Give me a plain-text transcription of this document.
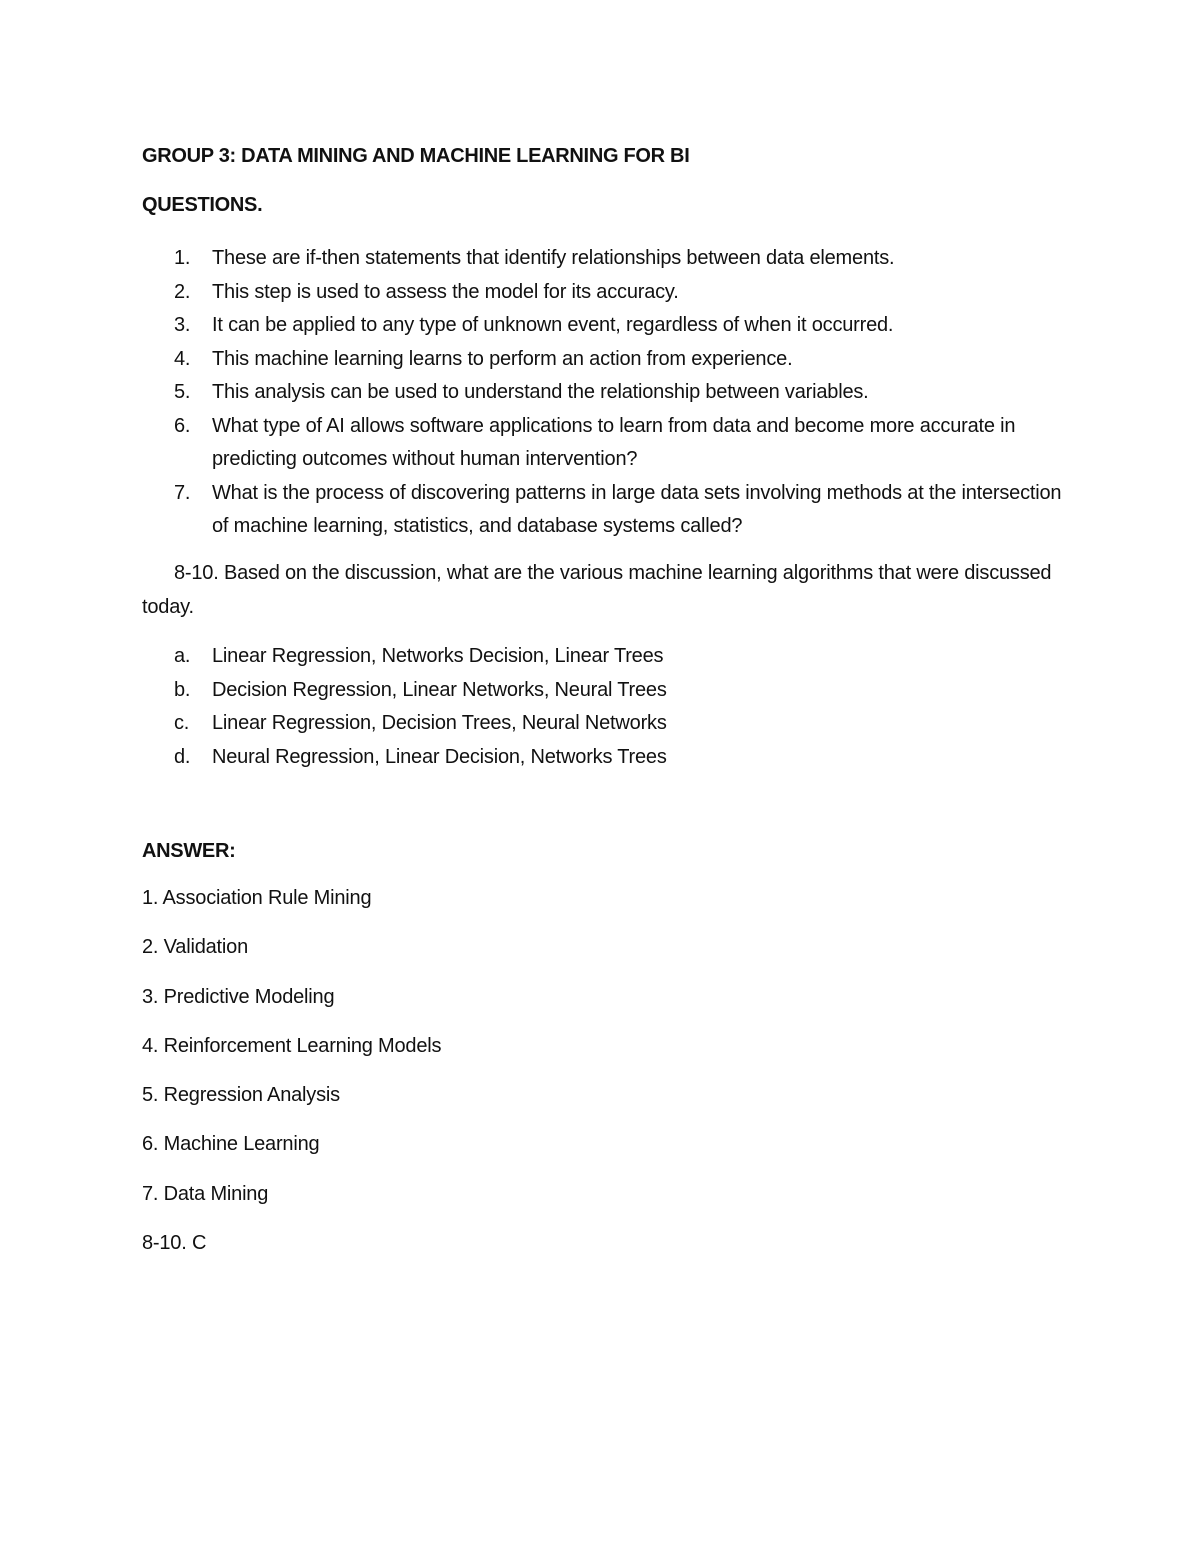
GROUP 3: DATA MINING AND MACHINE LEARNING FOR BI
QUESTIONS.
1. These are if-then statements that identify relationships between data elements.
2. This step is used to assess the model for its accuracy.
3. It can be applied to any type of unknown event, regardless of when it occurred.
4. This machine learning learns to perform an action from experience.
5. This analysis can be used to understand the relationship between variables.
6. What type of AI allows software applications to learn from data and become more accurate in predicting outcomes without human intervention?
7. What is the process of discovering patterns in large data sets involving methods at the intersection of machine learning, statistics, and database systems called?
8-10. Based on the discussion, what are the various machine learning algorithms that were discussed today.
a. Linear Regression, Networks Decision, Linear Trees
b. Decision Regression, Linear Networks, Neural Trees
c. Linear Regression, Decision Trees, Neural Networks
d. Neural Regression, Linear Decision, Networks Trees
ANSWER:
1. Association Rule Mining
2. Validation
3. Predictive Modeling
4. Reinforcement Learning Models
5. Regression Analysis
6. Machine Learning
7. Data Mining
8-10. C
